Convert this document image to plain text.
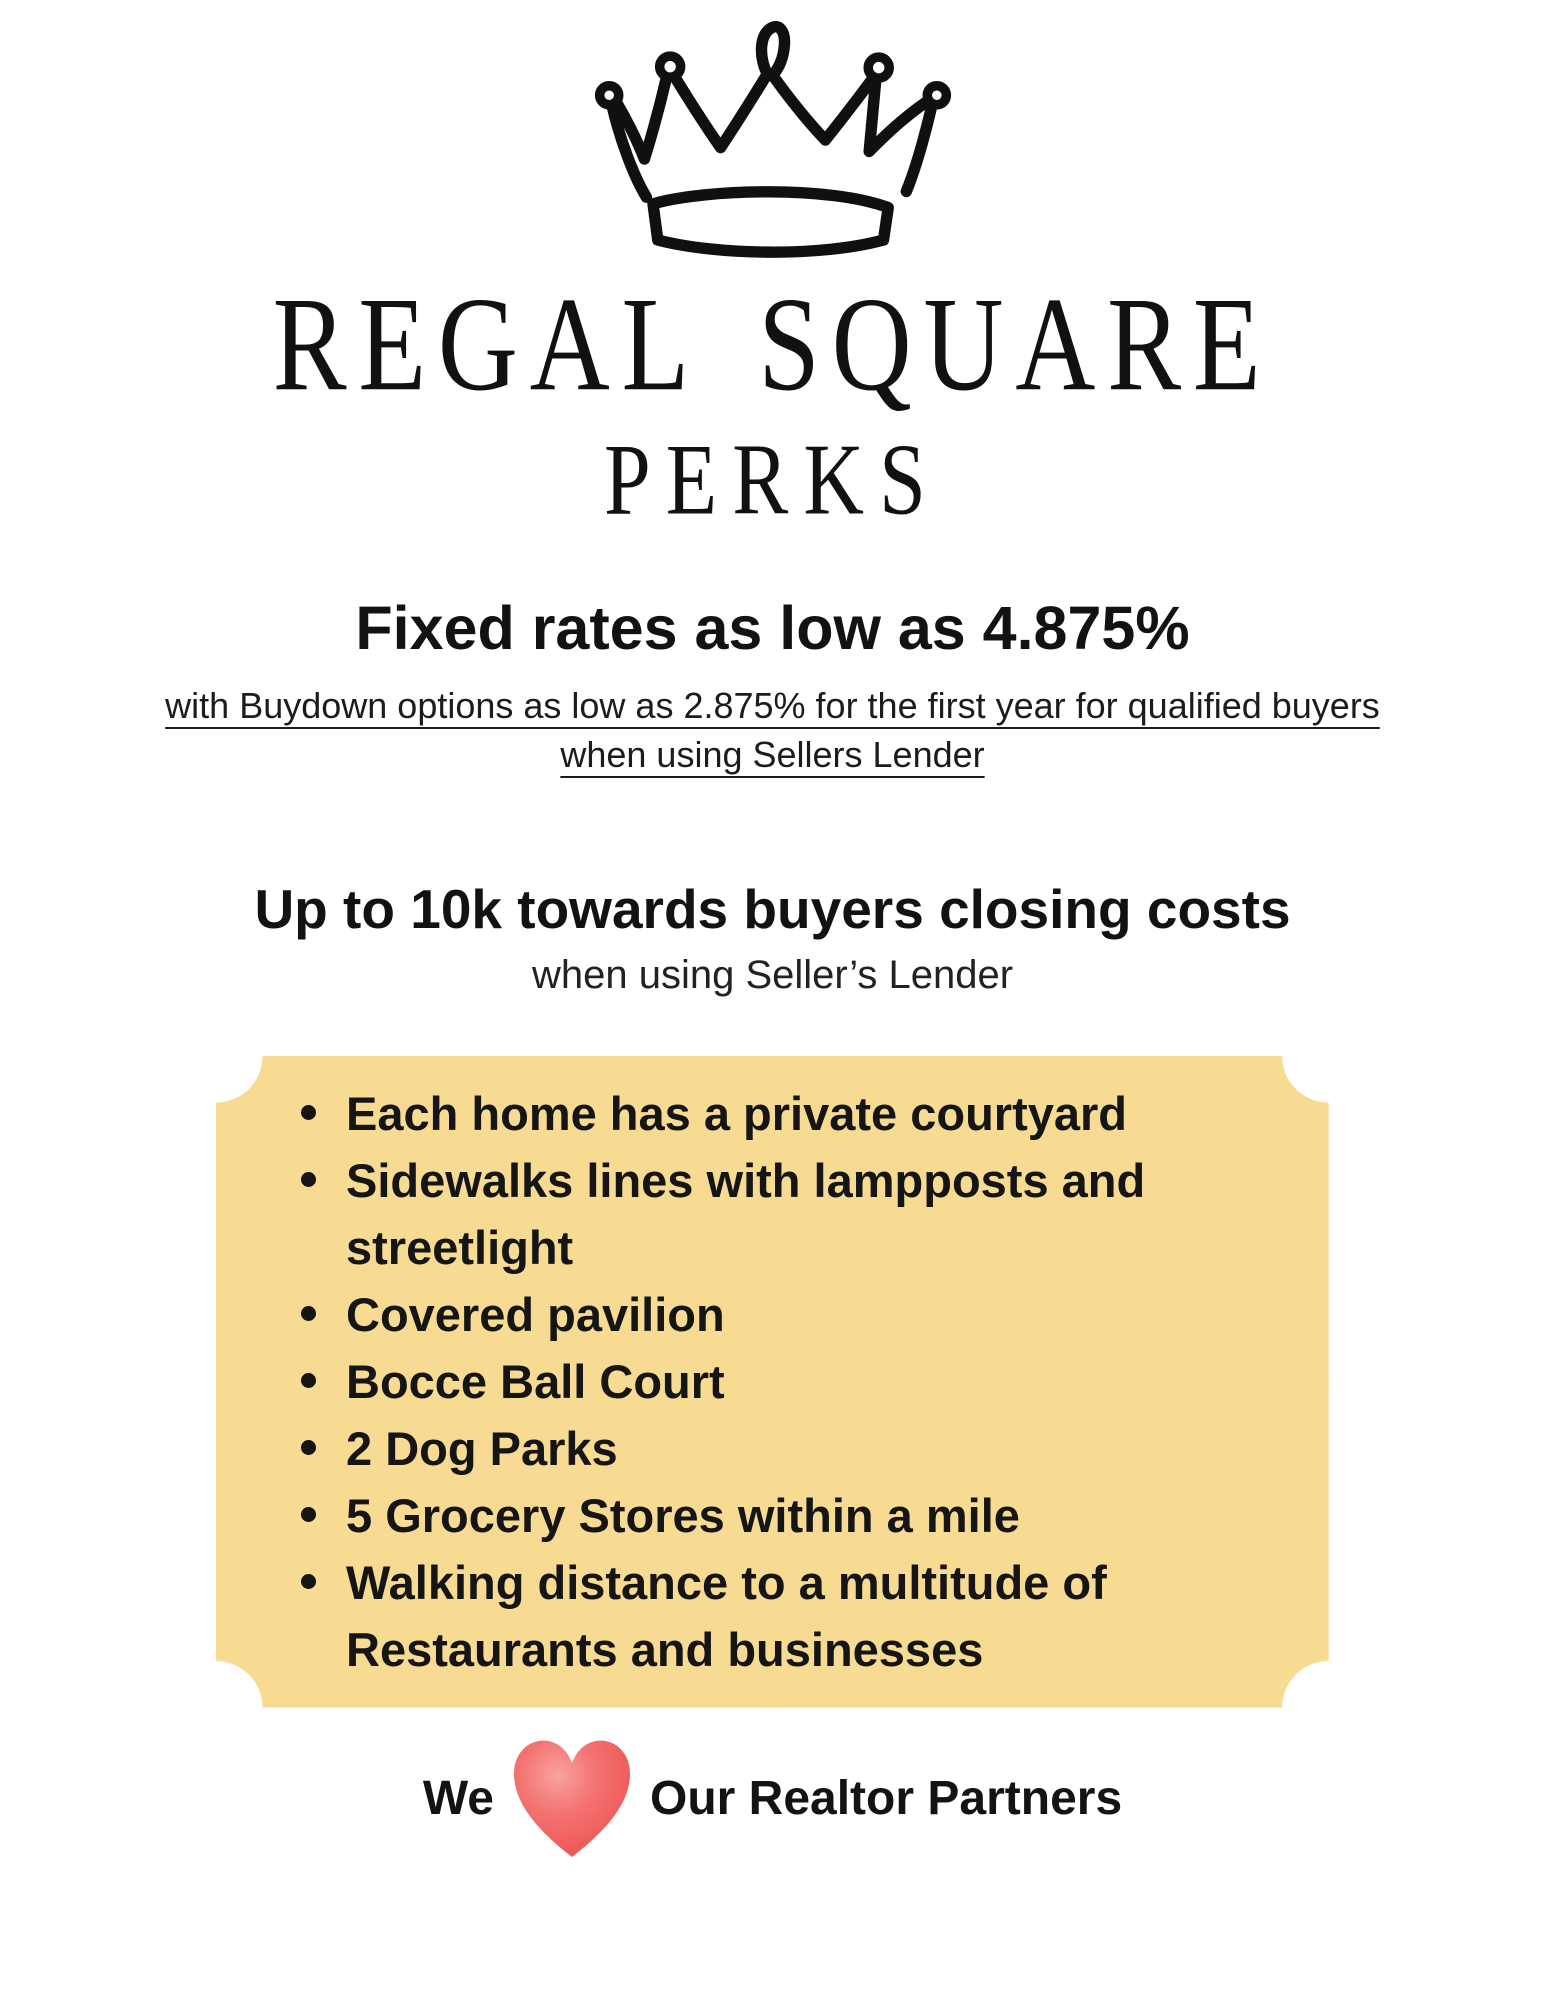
REGAL SQUARE
PERKS
Fixed rates as low as 4.875%

with Buydown options as low as 2.875% for the first year for qualified buyers

when using Sellers Lender

Up to 10k towards buyers closing costs

when using Seller’s Lender

Each home has a private courtyard
Sidewalks lines with lampposts and streetlight
Covered pavilion
Bocce Ball Court
2 Dog Parks
5 Grocery Stores within a mile
Walking distance to a multitude of Restaurants and businesses
We	Our Realtor Partners
